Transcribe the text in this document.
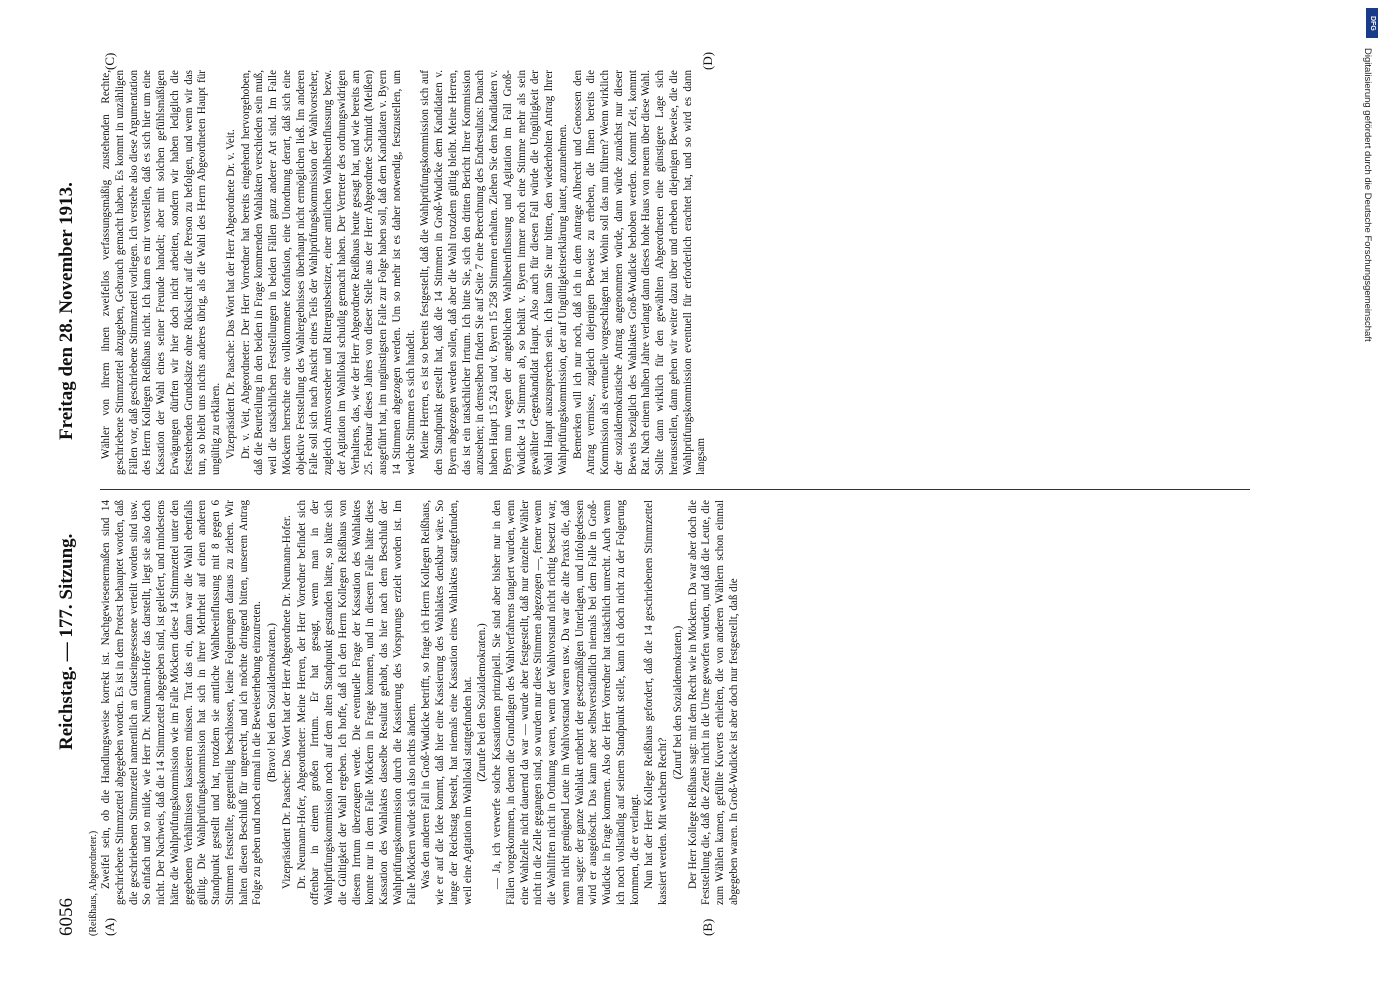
6056
Reichstag. — 177. Sitzung.
Freitag den 28. November 1913.
(Reißhaus, Abgeordneter.) (A)	(B)
(C)	(D)

Zweifel sein, ob die Handlungsweise korrekt ist. Nachgewiesenermaßen sind 14 geschriebene Stimmzettel abgegeben worden. Es ist in dem Protest behauptet worden, daß die geschriebenen Stimmzettel namentlich an Gutseingesessene verteilt worden sind usw. So einfach und so milde, wie Herr Dr. Neumann-Hofer das darstellt, liegt sie also doch nicht. Der Nachweis, daß die 14 Stimmzettel abgegeben sind, ist geliefert, und mindestens hätte die Wahlprüfungskommission wie im Falle Möckern diese 14 Stimmzettel unter den gegebenen Verhältnissen kassieren müssen. Trat das ein, dann war die Wahl ebenfalls gültig. Die Wahlprüfungskommission hat sich in ihrer Mehrheit auf einen anderen Standpunkt gestellt und hat, trotzdem sie amtliche Wahlbeeinflussung mit 8 gegen 6 Stimmen feststellte, gegenteilig beschlossen, keine Folgerungen daraus zu ziehen. Wir halten diesen Beschluß für ungerecht, und ich möchte dringend bitten, unserem Antrag Folge zu geben und noch einmal in die Beweiserhebung einzutreten. (Bravo! bei den Sozialdemokraten.) Vizepräsident Dr. Paasche: Das Wort hat der Herr Abgeordnete Dr. Neumann-Hofer. Dr. Neumann-Hofer, Abgeordneter: Meine Herren, der Herr Vorredner befindet sich offenbar in einem großen Irrtum. Er hat gesagt, wenn man in der Wahlprüfungskommission noch auf dem alten Standpunkt gestanden hätte, so hätte sich die Gültigkeit der Wahl ergeben. Ich hoffe, daß ich den Herrn Kollegen Reißhaus von diesem Irrtum überzeugen werde. Die eventuelle Frage der Kassation des Wahlaktes konnte nur in dem Falle Möckern in Frage kommen, und in diesem Falle hätte diese Kassation des Wahlaktes dasselbe Resultat gehabt, das hier nach dem Beschluß der Wahlprüfungskommission durch die Kassierung des Vorsprungs erzielt worden ist. Im Falle Möckern würde sich also nichts ändern. Was den anderen Fall in Groß-Wudicke betrifft, so frage ich Herrn Kollegen Reißhaus, wie er auf die Idee kommt, daß hier eine Kassierung des Wahlaktes denkbar wäre. So lange der Reichstag besteht, hat niemals eine Kassation eines Wahlaktes stattgefunden, weil eine Agitation im Wahllokal stattgefunden hat. (Zurufe bei den Sozialdemokraten.) — Ja, ich verwerfe solche Kassationen prinzipiell. Sie sind aber bisher nur in den Fällen vorgekommen, in denen die Grundlagen des Wahlverfahrens tangiert wurden, wenn eine Wahlzelle nicht dauernd da war — wurde aber festgestellt, daß nur einzelne Wähler nicht in die Zelle gegangen sind, so wurden nur diese Stimmen abgezogen —, ferner wenn die Wahlliften nicht in Ordnung waren, wenn der Wahlvorstand nicht richtig besetzt war, wenn nicht genügend Leute im Wahlvorstand waren usw. Da war die alte Praxis die, daß man sagte: der ganze Wahlakt entbehrt der gesetzmäßigen Unterlagen, und infolgedessen wird er ausgelöscht. Das kann aber selbstverständlich niemals bei dem Falle in Groß-Wudicke in Frage kommen. Also der Herr Vorredner hat tatsächlich unrecht. Auch wenn ich noch vollständig auf seinem Standpunkt stelle, kann ich doch nicht zu der Folgerung kommen, die er verlangt. Nun hat der Herr Kollege Reißhaus gefordert, daß die 14 geschriebenen Stimmzettel kassiert werden. Mit welchem Recht?

(Zuruf bei den Sozialdemokraten.) Der Herr Kollege Reißhaus sagt: mit dem Recht wie in Möckern. Da war aber doch die Feststellung die, daß die Zettel nicht in die Urne geworfen wurden, und daß die Leute, die zum Wählen kamen, gefüllte Kuverts erhielten, die von anderen Wählern schon einmal abgegeben waren. In Groß-Wudicke ist aber doch nur festgestellt, daß die

Wähler von ihrem ihnen zweifellos verfassungsmäßig zustehenden Rechte, geschriebene Stimmzettel abzugeben, Gebrauch gemacht haben. Es kommt in unzähligen Fällen vor, daß geschriebene Stimmzettel vorliegen. Ich verstehe also diese Argumentation des Herrn Kollegen Reißhaus nicht. Ich kann es mir vorstellen, daß es sich hier um eine Kassation der Wahl eines seiner Freunde handelt; aber mit solchen gefühlsmäßigen Erwägungen dürften wir hier doch nicht arbeiten, sondern wir haben lediglich die feststehenden Grundsätze ohne Rücksicht auf die Person zu befolgen, und wenn wir das tun, so bleibt uns nichts anderes übrig, als die Wahl des Herrn Abgeordneten Haupt für ungültig zu erklären. Vizepräsident Dr. Paasche: Das Wort hat der Herr Abgeordnete Dr. v. Veit. Dr. v. Veit, Abgeordneter: Der Herr Vorredner hat bereits eingehend hervorgehoben, daß die Beurteilung in den beiden in Frage kommenden Wahlakten verschieden sein muß, weil die tatsächlichen Feststellungen in beiden Fällen ganz anderer Art sind. Im Falle Möckern herrschte eine vollkommene Konfusion, eine Unordnung derart, daß sich eine objektive Feststellung des Wahlergebnisses überhaupt nicht ermöglichen ließ. Im anderen Falle soll sich nach Ansicht eines Teils der Wahlprüfungskommission der Wahlvorsteher, zugleich Amtsvorsteher und Rittergutsbesitzer, einer amtlichen Wahlbeeinflussung bezw. der Agitation im Wahllokal schuldig gemacht haben. Der Vertreter des ordnungswidrigen Verhaltens, das, wie der Herr Abgeordnete Reißhaus heute gesagt hat, und wie bereits am 25. Februar dieses Jahres von dieser Stelle aus der Herr Abgeordnete Schmidt (Meißen) ausgeführt hat, im ungünstigsten Falle zur Folge haben soll, daß dem Kandidaten v. Byern 14 Stimmen abgezogen werden. Um so mehr ist es daher notwendig, festzustellen, um welche Stimmen es sich handelt. Meine Herren, es ist so bereits festgestellt, daß die Wahlprüfungskommission sich auf den Standpunkt gestellt hat, daß die 14 Stimmen in Groß-Wudicke dem Kandidaten v. Byern abgezogen werden sollen, daß aber die Wahl trotzdem gültig bleibt. Meine Herren, das ist ein tatsächlicher Irrtum. Ich bitte Sie, sich den dritten Bericht Ihrer Kommission anzusehen; in demselben finden Sie auf Seite 7 eine Berechnung des Endresultats: Danach haben Haupt 15 243 und v. Byern 15 258 Stimmen erhalten. Ziehen Sie dem Kandidaten v. Byern nun wegen der angeblichen Wahlbeeinflussung und Agitation im Fall Groß-Wudicke 14 Stimmen ab, so behält v. Byern immer noch eine Stimme mehr als sein gewählter Gegenkandidat Haupt. Also auch für diesen Fall würde die Ungültigkeit der Wahl Haupt auszusprechen sein. Ich kann Sie nur bitten, den wiederholten Antrag Ihrer Wahlprüfungskommission, der auf Ungültigkeitserklärung lautet, anzunehmen. Bemerken will ich nur noch, daß ich in dem Antrage Albrecht und Genossen den Antrag vermisse, zugleich diejenigen Beweise zu erheben, die Ihnen bereits die Kommission als eventuelle vorgeschlagen hat. Wohin soll das nun führen? Wenn wirklich der sozialdemokratische Antrag angenommen würde, dann würde zunächst nur dieser Beweis bezüglich des Wahlaktes Groß-Wudicke behoben werden. Kommt Zeit, kommt Rat. Nach einem halben Jahre verlangt dann dieses hohe Haus von neuem über diese Wahl. Sollte dann wirklich für den gewählten Abgeordneten eine günstigere Lage sich herausstellen, dann gehen wir weiter dazu über und erheben diejenigen Beweise, die die Wahlprüfungskommission eventuell für erforderlich erachtet hat, und so wird es dann langsam

DFG
Digitalisierung gefördert durch die Deutsche Forschungsgemeinschaft
